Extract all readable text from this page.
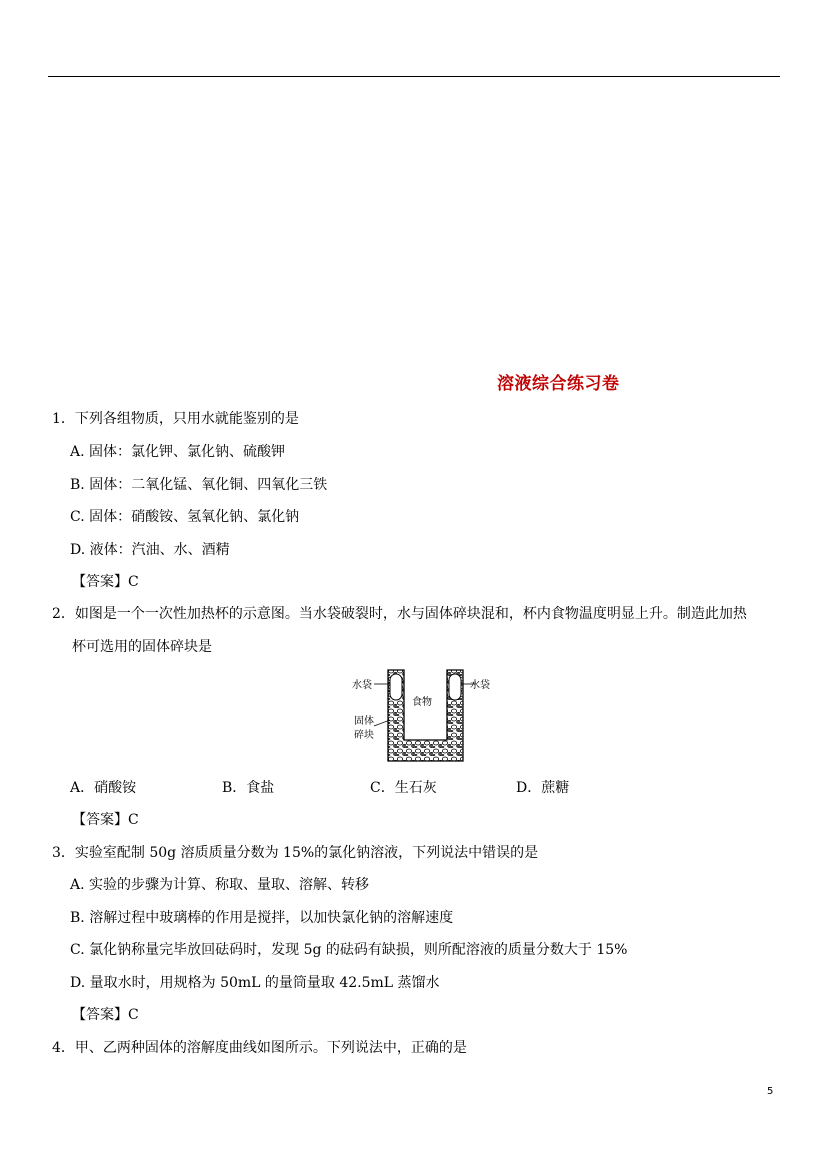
溶液综合练习卷
1．下列各组物质，只用水就能鉴别的是
A. 固体：氯化钾、氯化钠、硫酸钾
B. 固体：二氧化锰、氧化铜、四氧化三铁
C. 固体：硝酸铵、氢氧化钠、氯化钠
D. 液体：汽油、水、酒精
【答案】C
2．如图是一个一次性加热杯的示意图。当水袋破裂时，水与固体碎块混和，杯内食物温度明显上升。制造此加热
杯可选用的固体碎块是
水袋	水袋
食物
固体
碎块
A．硝酸铵	B．食盐	C．生石灰	D．蔗糖
【答案】C
3．实验室配制 50g 溶质质量分数为 15%的氯化钠溶液，下列说法中错误的是
A. 实验的步骤为计算、称取、量取、溶解、转移
B. 溶解过程中玻璃棒的作用是搅拌，以加快氯化钠的溶解速度
C. 氯化钠称量完毕放回砝码时，发现 5g 的砝码有缺损，则所配溶液的质量分数大于 15%
D. 量取水时，用规格为 50mL 的量筒量取 42.5mL 蒸馏水
【答案】C
4．甲、乙两种固体的溶解度曲线如图所示。下列说法中，正确的是
5
